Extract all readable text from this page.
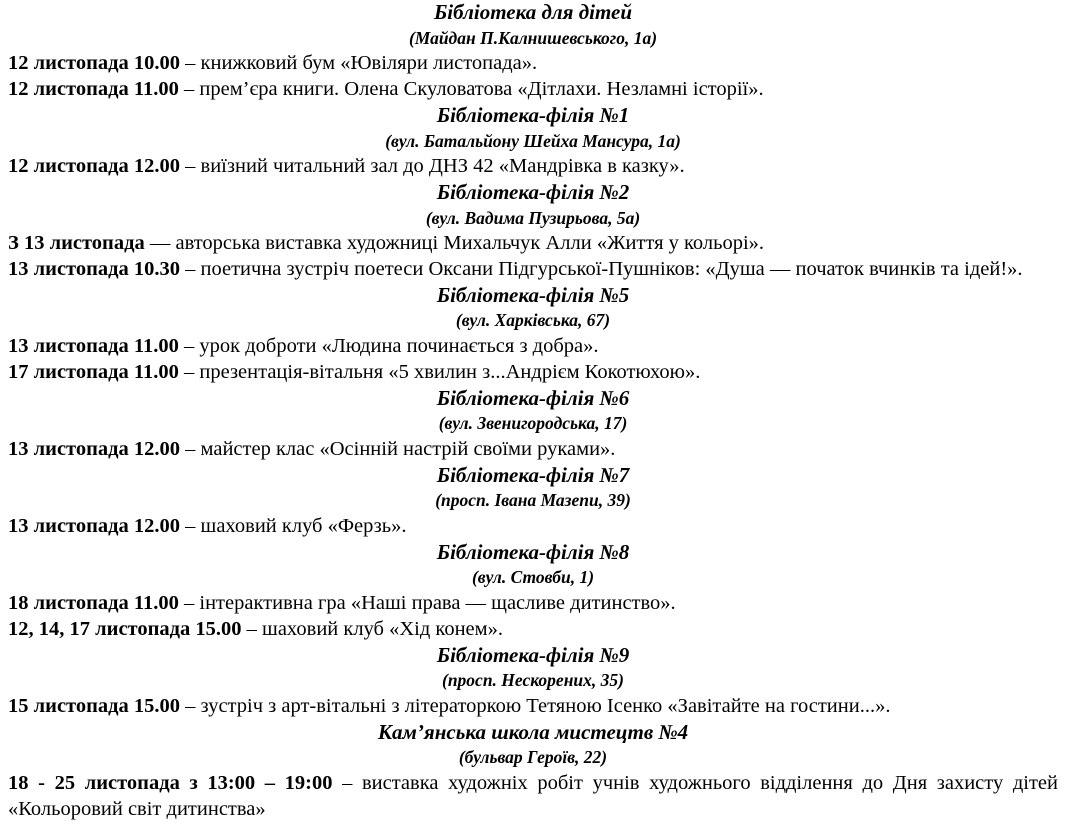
Бібліотека для дітей
(Майдан П.Калнишевського, 1а)
12 листопада 10.00 – книжковий бум «Ювіляри листопада».
12 листопада 11.00 – прем’єра книги. Олена Скуловатова «Дітлахи. Незламні історії».
Бібліотека-філія №1
(вул. Батальйону Шейха Мансура, 1а)
12 листопада 12.00 – виїзний читальний зал до ДНЗ 42 «Мандрівка в казку».
Бібліотека-філія №2
(вул. Вадима Пузирьова, 5а)
З 13 листопада — авторська виставка художниці Михальчук Алли «Життя у кольорі».
13 листопада 10.30 – поетична зустріч поетеси Оксани Підгурської-Пушніков: «Душа — початок вчинків та ідей!».
Бібліотека-філія №5
(вул. Харківська, 67)
13 листопада 11.00 – урок доброти «Людина починається з добра».
17 листопада 11.00 – презентація-вітальня «5 хвилин з...Андрієм Кокотюхою».
Бібліотека-філія №6
(вул. Звенигородська, 17)
13 листопада 12.00 – майстер клас «Осінній настрій своїми руками».
Бібліотека-філія №7
(просп. Івана Мазепи, 39)
13 листопада 12.00 – шаховий клуб «Ферзь».
Бібліотека-філія №8
(вул. Стовби, 1)
18 листопада 11.00 – інтерактивна гра «Наші права — щасливе дитинство».
12, 14, 17 листопада 15.00 – шаховий клуб «Хід конем».
Бібліотека-філія №9
(просп. Нескорених, 35)
15 листопада 15.00 – зустріч з арт-вітальні з літераторкою Тетяною Ісенко «Завітайте на гостини...».
Кам’янська школа мистецтв №4
(бульвар Героїв, 22)
18 - 25 листопада з 13:00 – 19:00 – виставка художніх робіт учнів художнього відділення до Дня захисту дітей «Кольоровий світ дитинства»
